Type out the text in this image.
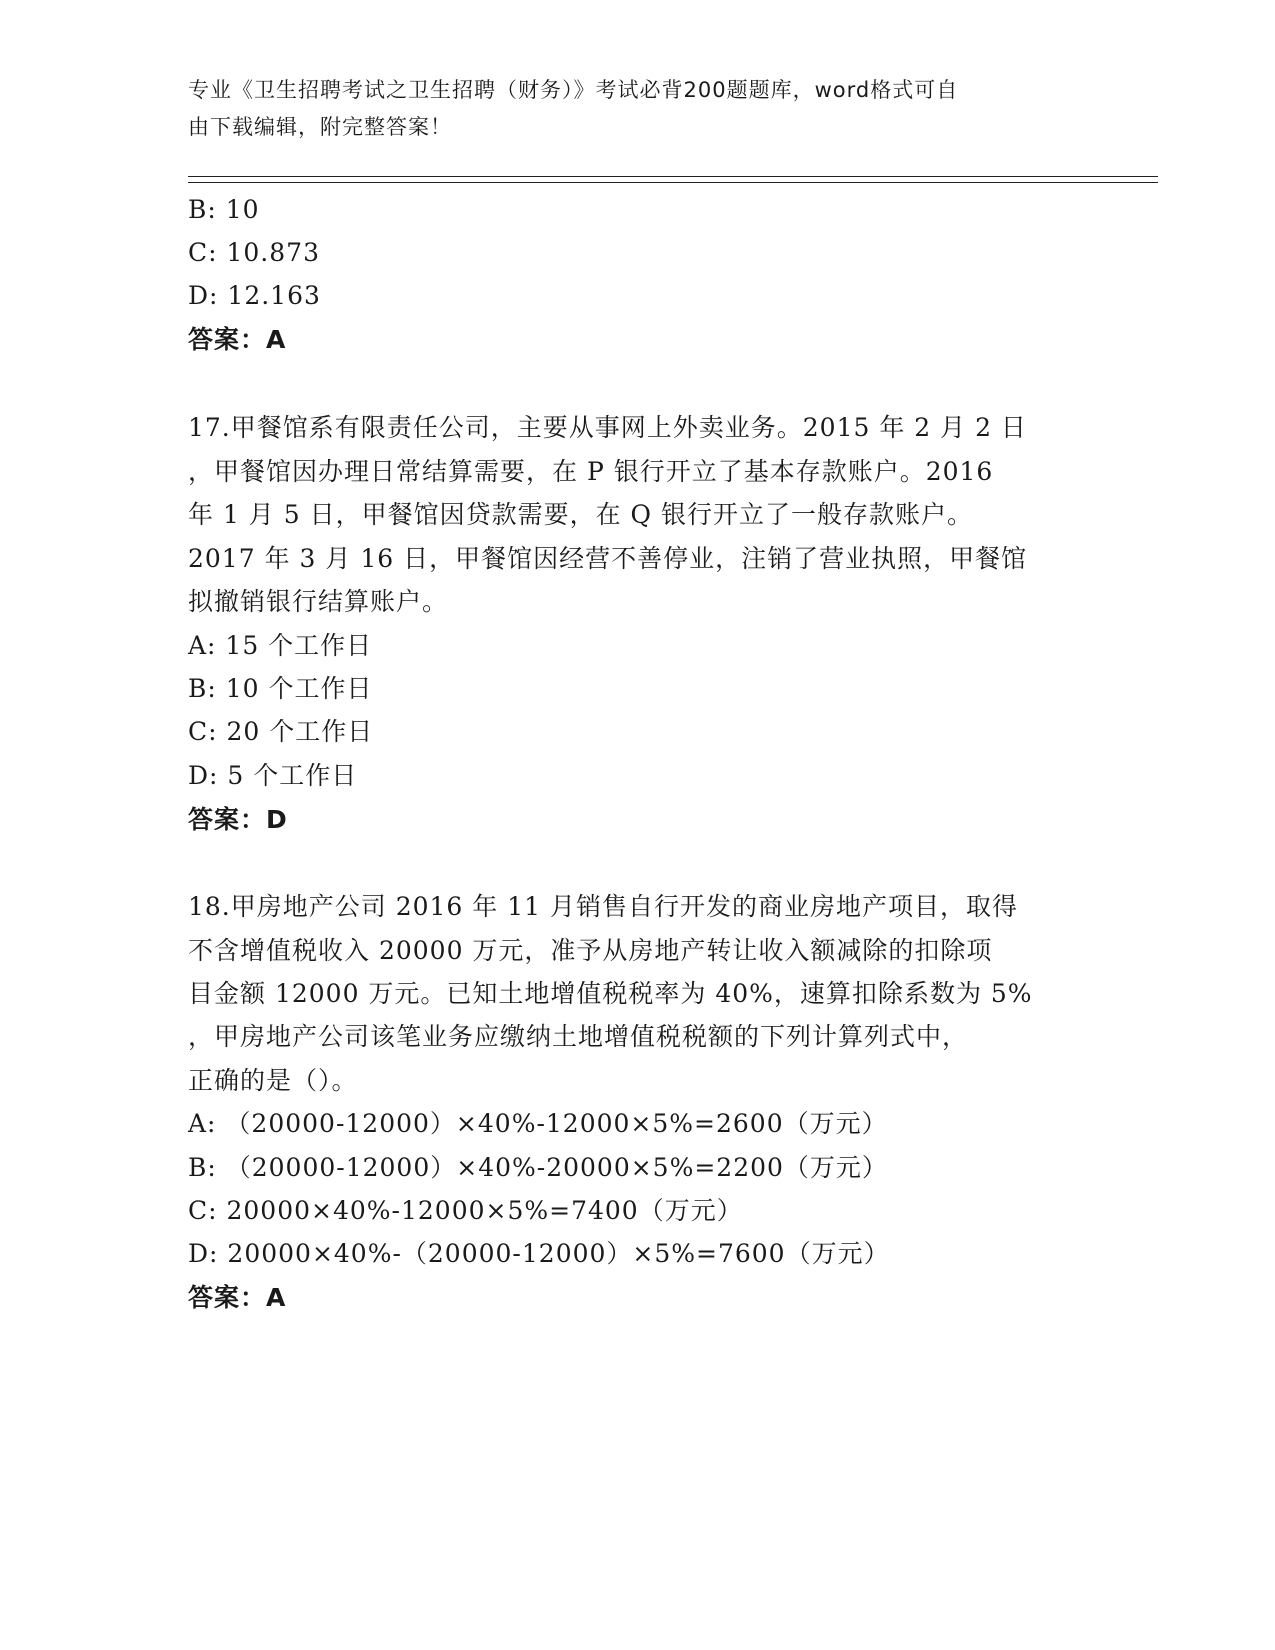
专业《卫生招聘考试之卫生招聘（财务）》考试必背200题题库，word格式可自
由下载编辑，附完整答案！
B: 10
C: 10.873
D: 12.163
答案：A
17.甲餐馆系有限责任公司，主要从事网上外卖业务。2015 年 2 月 2 日
，甲餐馆因办理日常结算需要，在 P 银行开立了基本存款账户。2016
年 1 月 5 日，甲餐馆因贷款需要，在 Q 银行开立了一般存款账户。
2017 年 3 月 16 日，甲餐馆因经营不善停业，注销了营业执照，甲餐馆
拟撤销银行结算账户。
A: 15 个工作日
B: 10 个工作日
C: 20 个工作日
D: 5 个工作日
答案：D
18.甲房地产公司 2016 年 11 月销售自行开发的商业房地产项目，取得
不含增值税收入 20000 万元，准予从房地产转让收入额减除的扣除项
目金额 12000 万元。已知土地增值税税率为 40%，速算扣除系数为 5%
，甲房地产公司该笔业务应缴纳土地增值税税额的下列计算列式中，
正确的是（）。
A: （20000-12000）×40%-12000×5%=2600（万元）
B: （20000-12000）×40%-20000×5%=2200（万元）
C: 20000×40%-12000×5%=7400（万元）
D: 20000×40%-（20000-12000）×5%=7600（万元）
答案：A
